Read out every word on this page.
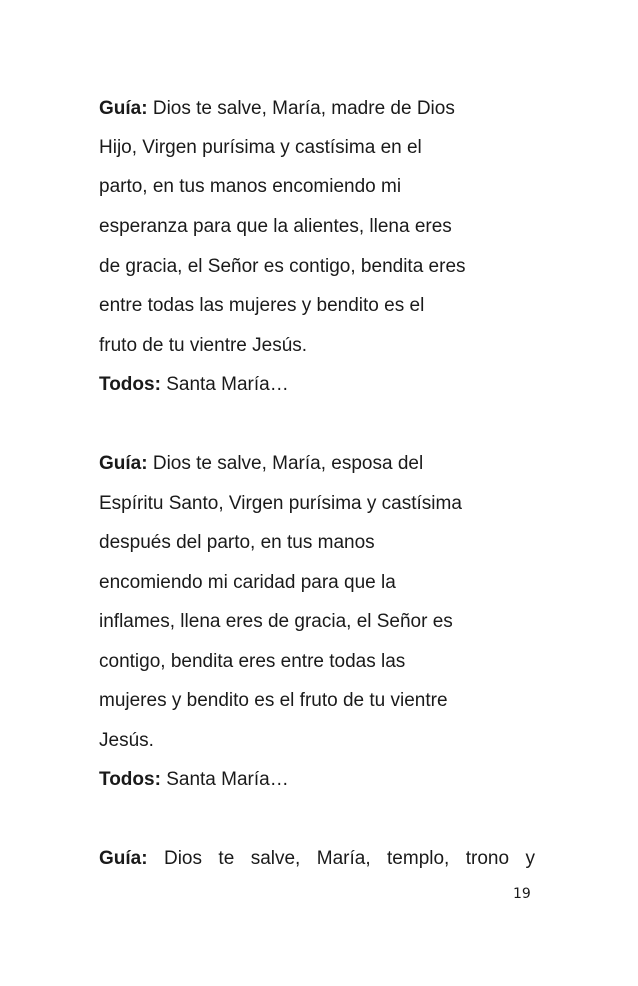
Guía: Dios te salve, María, madre de Dios
Hijo, Virgen purísima y castísima en el
parto, en tus manos encomiendo mi
esperanza para que la alientes, llena eres
de gracia, el Señor es contigo, bendita eres
entre todas las mujeres y bendito es el
fruto de tu vientre Jesús.
Todos: Santa María…
Guía: Dios te salve, María, esposa del
Espíritu Santo, Virgen purísima y castísima
después del parto, en tus manos
encomiendo mi caridad para que la
inflames, llena eres de gracia, el Señor es
contigo, bendita eres entre todas las
mujeres y bendito es el fruto de tu vientre
Jesús.
Todos: Santa María…
Guía: Dios te salve, María, templo, trono y
19
